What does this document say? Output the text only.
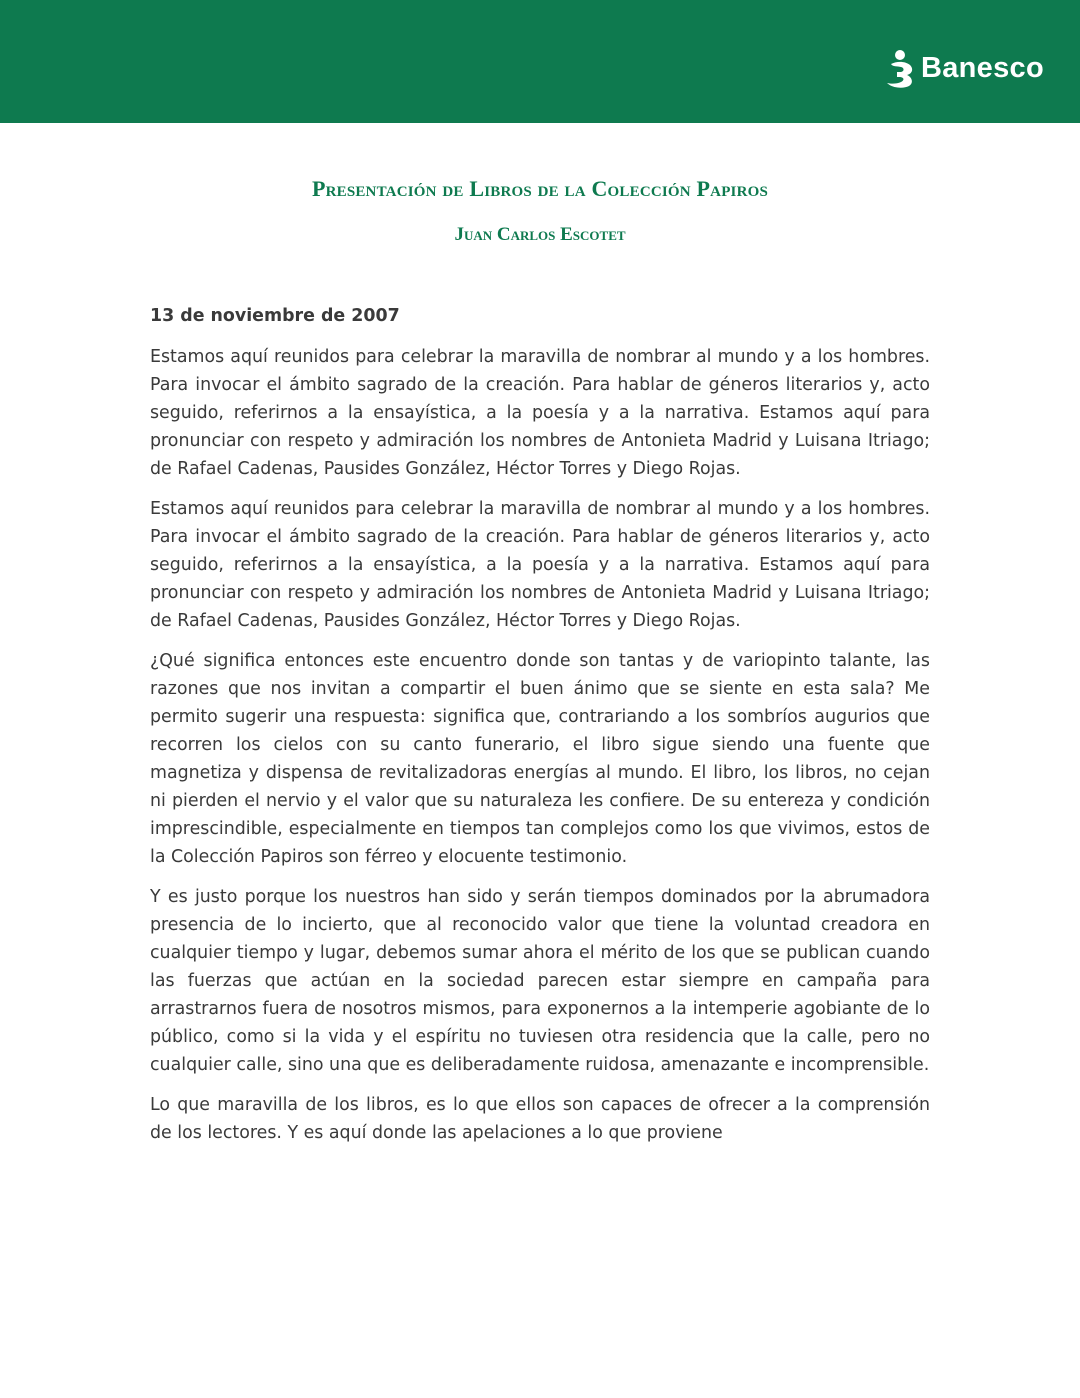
Banesco
Presentación de Libros de la Colección Papiros
Juan Carlos Escotet

13 de noviembre de 2007

Estamos aquí reunidos para celebrar la maravilla de nombrar al mundo y a los hombres. Para invocar el ámbito sagrado de la creación. Para hablar de géneros literarios y, acto seguido, referirnos a la ensayística, a la poesía y a la narrativa. Estamos aquí para pronunciar con respeto y admiración los nombres de Antonieta Madrid y Luisana Itriago; de Rafael Cadenas, Pausides González, Héctor Torres y Diego Rojas.

Estamos aquí reunidos para celebrar la maravilla de nombrar al mundo y a los hombres. Para invocar el ámbito sagrado de la creación. Para hablar de géneros literarios y, acto seguido, referirnos a la ensayística, a la poesía y a la narrativa. Estamos aquí para pronunciar con respeto y admiración los nombres de Antonieta Madrid y Luisana Itriago; de Rafael Cadenas, Pausides González, Héctor Torres y Diego Rojas.

¿Qué significa entonces este encuentro donde son tantas y de variopinto talante, las razones que nos invitan a compartir el buen ánimo que se siente en esta sala? Me permito sugerir una respuesta: significa que, contrariando a los sombríos augurios que recorren los cielos con su canto funerario, el libro sigue siendo una fuente que magnetiza y dispensa de revitalizadoras energías al mundo. El libro, los libros, no cejan ni pierden el nervio y el valor que su naturaleza les confiere. De su entereza y condición imprescindible, especialmente en tiempos tan complejos como los que vivimos, estos de la Colección Papiros son férreo y elocuente testimonio.

Y es justo porque los nuestros han sido y serán tiempos dominados por la abrumadora presencia de lo incierto, que al reconocido valor que tiene la voluntad creadora en cualquier tiempo y lugar, debemos sumar ahora el mérito de los que se publican cuando las fuerzas que actúan en la sociedad parecen estar siempre en campaña para arrastrarnos fuera de nosotros mismos, para exponernos a la intemperie agobiante de lo público, como si la vida y el espíritu no tuviesen otra residencia que la calle, pero no cualquier calle, sino una que es deliberadamente ruidosa, amenazante e incomprensible.

Lo que maravilla de los libros, es lo que ellos son capaces de ofrecer a la comprensión de los lectores. Y es aquí donde las apelaciones a lo que proviene
